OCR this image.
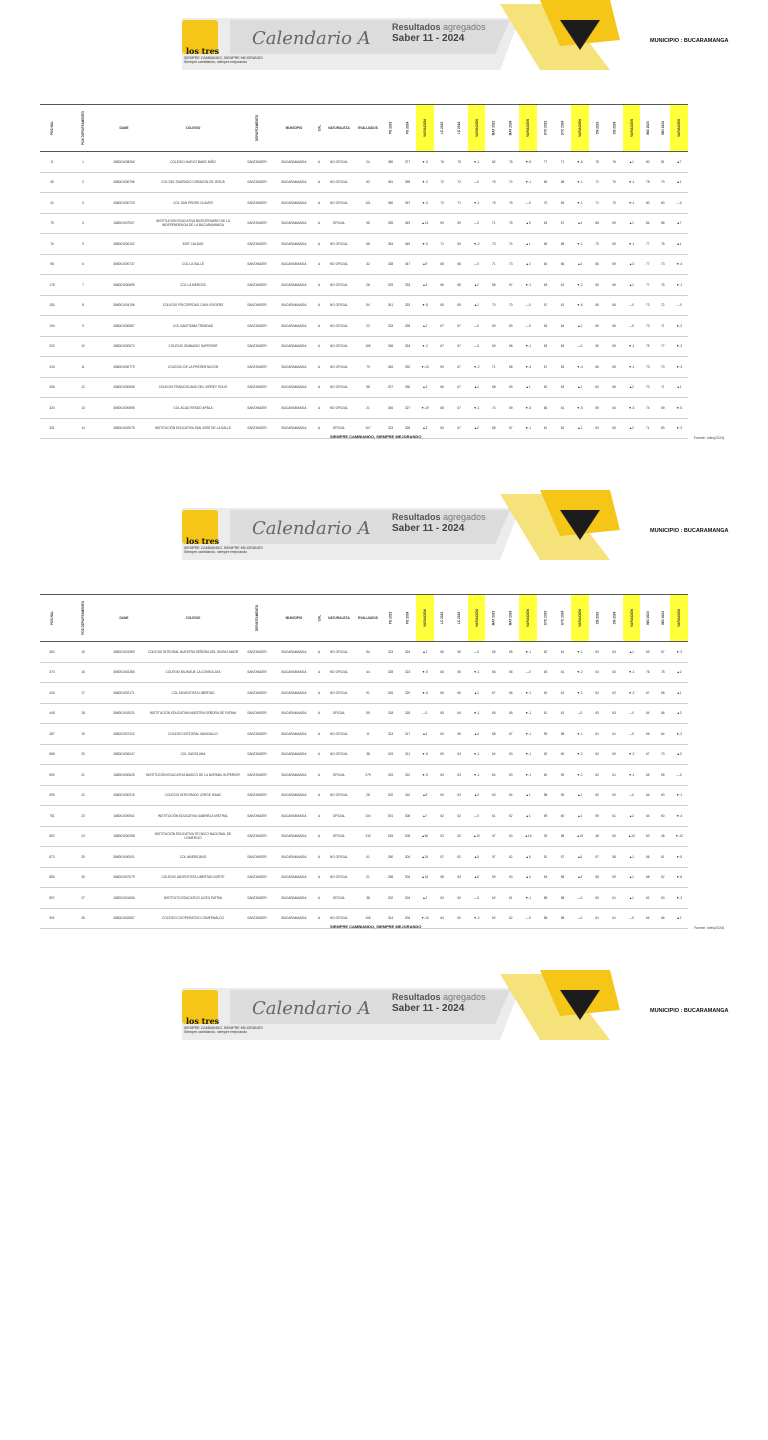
los tres
SIEMPRE CAMBIANDO, SIEMPRE MEJORANDO
Siempre cambiando, siempre mejorando
Calendario A
Resultados agregados
Saber 11 - 2024	MUNICIPIO : BUCARAMANGA
POS NAL	POS DEPARTAMENTO	DANE	COLEGIO	DEPARTAMENTO	MUNICIPIO	CAL	NATURALEZA	EVALUADOS	PG 2023	PG 2024	VARIACIÓN	LC 2023	LC 2024	VARIACIÓN	MAT 2023	MAT 2024	VARIACIÓN	SYC 2023	SYC 2024	VARIACIÓN	CN 2023	CN 2024	VARIACIÓN	ING 2023	ING 2024	VARIACIÓN
8	1	368001008266	COLEGIO NUEVO BANO NIÑO	SANTANDER	BUCARAMANGA	A	NO OFICIAL	24	380	377	▼-3	76	75	▼-1	82	76	▼-6	77	71	▼-6	75	76	▲1	80	81	▲7
36	2	368001000796	COL DEL SAGRADO CORAZON DE JESUS	SANTANDER	BUCARAMANGA	A	NO OFICIAL	62	361	359	▼-2	72	72	—0	75	74	▼-1	69	68	▼-1	71	70	▼-1	78	79	▲1
42	3	368001000729	COL SAN PEDRO CLAVER	SANTANDER	BUCARAMANGA	A	NO OFICIAL	101	360	357	▼-3	72	71	▼-1	75	75	—0	70	69	▼-1	71	70	▼-1	80	80	—0
75	4	168001007927	INSTITUCION EDUCATIVA BICENTENARIO DE LA INDEPENDENCIA DE LA BUCARAMANGA	SANTANDER	BUCARAMANGA	A	OFICIAL	96	335	349	▲14	69	69	—0	71	76	▲5	63	67	▲4	68	69	▲1	84	88	▲7
76	5	368001000102	INST CALDAS	SANTANDER	BUCARAMANGA	A	NO OFICIAL	68	354	349	▼-5	71	69	▼-2	73	74	▲1	69	68	▼-1	70	69	▼-1	77	78	▲1
98	6	368001000737	COL LA SALLE	SANTANDER	BUCARAMANGA	A	NO OFICIAL	32	338	347	▲9	68	68	—0	71	73	▲2	64	66	▲2	66	69	▲3	77	73	▼-4
178	7	368001000699	COL LA MERCED	SANTANDER	BUCARAMANGA	A	NO OFICIAL	28	329	333	▲4	66	68	▲2	68	67	▼-1	63	61	▼-2	65	66	▲1	77	76	▼-1
183	8	368001004196	COLEGIO PSICOPEDAG CARL ROGERS	SANTANDER	BUCARAMANGA	A	NO OFICIAL	54	341	333	▼-8	68	69	▲1	70	70	—0	67	61	▼-6	66	66	—0	72	72	—0
194	9	368001000567	COL SANTISIMA TRINIDAD	SANTANDER	BUCARAMANGA	A	NO OFICIAL	22	333	335	▲2	67	67	—0	69	69	—0	63	64	▲1	66	66	—0	73	71	▼-2
200	10	368001000672	COLEGIO GIMNASIO SUPERIOR	SANTANDER	BUCARAMANGA	A	NO OFICIAL	106	336	334	▼-2	67	67	—0	69	68	▼-1	63	63	—0	66	65	▼-1	79	77	▼-2
244	11	368001000779	COLEGIO DE LA PRESENTACION	SANTANDER	BUCARAMANGA	A	NO OFICIAL	79	345	332	▼-13	69	67	▼-2	71	68	▼-3	67	63	▼-4	66	65	▼-1	73	70	▼-3
266	12	368001000656	COLEGIO FRANCISCANO DEL VIRREY SOLIS	SANTANDER	BUCARAMANGA	A	NO OFICIAL	58	327	330	▲3	66	67	▲1	68	69	▲1	62	63	▲1	64	66	▲2	70	71	▲1
324	13	368001000695	COL ACAD RESDO APBLA	SANTANDER	BUCARAMANGA	A	NO OFICIAL	21	346	327	▼-19	68	67	▼-1	74	69	▼-5	66	61	▼-5	69	64	▼-5	74	69	▼-5
331	14	368001002078	INSTITUCIÓN EDUCATIVA SAN JOSÉ DE LA SALLE	SANTANDER	BUCARAMANGA	A	OFICIAL	107	323	326	▲3	65	67	▲2	68	67	▼-1	61	62	▲1	63	65	▲2	71	69	▼-2
SIEMPRE CAMBIANDO, SIEMPRE MEJORANDO	Fuente: Icfes(2024)
los tres
SIEMPRE CAMBIANDO, SIEMPRE MEJORANDO
Siempre cambiando, siempre mejorando
Calendario A
Resultados agregados
Saber 11 - 2024	MUNICIPIO : BUCARAMANGA
POS NAL	POS DEPARTAMENTO	DANE	COLEGIO	DEPARTAMENTO	MUNICIPIO	CAL	NATURALEZA	EVALUADOS	PG 2023	PG 2024	VARIACIÓN	LC 2023	LC 2024	VARIACIÓN	MAT 2023	MAT 2024	VARIACIÓN	SYC 2023	SYC 2024	VARIACIÓN	CN 2023	CN 2024	VARIACIÓN	ING 2023	ING 2024	VARIACIÓN
364	15	368001001969	COLEGIO INTEGRAL NUESTRA SEÑORA DEL DIVINO AMOR	SANTANDER	BUCARAMANGA	A	NO OFICIAL	54	323	324	▲1	66	66	—0	66	65	▼-1	62	61	▼-1	63	64	▲1	69	67	▼-2
374	16	368001002365	COLEGIO BILINGUE LA CONSOLATA	SANTANDER	BUCARAMANGA	A	NO OFICIAL	44	328	323	▼-5	66	65	▼-1	66	66	—0	63	61	▼-2	64	63	▼-1	76	78	▲2
426	17	368001002171	COL ADVENTISTA LIBERTAD	SANTANDER	BUCARAMANGA	A	NO OFICIAL	91	326	320	▼-6	65	66	▲1	67	66	▼-1	62	61	▼-1	64	62	▼-2	67	68	▲1
448	18	368001002021	INSTITUCIÓN EDUCATIVA NUESTRA SEÑORA DE FATIMA	SANTANDER	BUCARAMANGA	A	OFICIAL	59	318	318	—0	65	64	▼-1	66	65	▼-1	61	61	—0	63	63	—0	64	66	▲2
487	19	368001007412	COLEGIO INTEGRAL MAGDALLO	SANTANDER	BUCARAMANGA	A	NO OFICIAL	11	313	317	▲4	62	66	▲4	68	67	▼-1	59	58	▼-1	61	61	—0	66	64	▼-2
668	20	368001006247	COL SANTA ANA	SANTANDER	BUCARAMANGA	A	NO OFICIAL	38	319	311	▼-8	65	64	▼-1	64	63	▼-1	62	60	▼-2	62	60	▼-2	67	70	▲3
692	21	168001000625	INSTITUCIÓN EDUCATIVA BASICO DE LA NORMAL SUPERIOR	SANTANDER	BUCARAMANGA	A	OFICIAL	279	315	310	▼-5	64	63	▼-1	64	63	▼-1	60	59	▼-1	62	61	▼-1	65	65	—0
693	22	368001000319	COLEGIO INTEGRADO JORGE ISAAC	SANTANDER	BUCARAMANGA	A	NO OFICIAL	28	302	310	▲8	60	63	▲3	63	64	▲1	58	59	▲1	60	60	—0	64	63	▼-1
751	23	168001000541	INSTITUCIÓN EDUCATIVA GABRIELA MISTRAL	SANTANDER	BUCARAMANGA	A	OFICIAL	104	301	308	▲7	62	62	—0	61	62	▲1	59	60	▲1	59	61	▲2	64	60	▼-4
802	24	168001000258	INSTITUCIÓN EDUCATIVA TECNICO NACIONAL DE COMERCIO	SANTANDER	BUCARAMANGA	A	OFICIAL	132	245	305	▲60	52	62	▲10	47	63	▲16	39	58	▲19	46	60	▲14	60	48	▼-12
873	25	368001000001	COL AMERICANO	SANTANDER	BUCARAMANGA	A	NO OFICIAL	41	280	304	▲24	57	62	▲5	57	62	▲5	51	57	▲6	57	58	▲1	66	61	▼-5
880	26	368001007079	COLEGIO ADVENTISTA LIBERTAD NORTE	SANTANDER	BUCARAMANGA	A	NO OFICIAL	21	288	304	▲16	58	63	▲5	59	63	▲4	54	58	▲4	58	59	▲1	68	62	▼-6
897	27	168001001606	INSTITUTO EDUCATIVO LICEO PATRIA	SANTANDER	BUCARAMANGA	A	OFICIAL	38	302	304	▲2	62	62	—0	62	61	▼-1	58	58	—0	60	61	▲1	62	60	▼-2
901	28	368001002657	COLEGIO COOPERATIVO COMFENALCO	SANTANDER	BUCARAMANGA	A	NO OFICIAL	106	314	304	▼-10	64	62	▼-2	62	62	—0	58	58	—0	61	61	—0	64	66	▲2
SIEMPRE CAMBIANDO, SIEMPRE MEJORANDO	Fuente: Icfes(2024)
los tres
SIEMPRE CAMBIANDO, SIEMPRE MEJORANDO
Siempre cambiando, siempre mejorando
Calendario A
Resultados agregados
Saber 11 - 2024	MUNICIPIO : BUCARAMANGA
